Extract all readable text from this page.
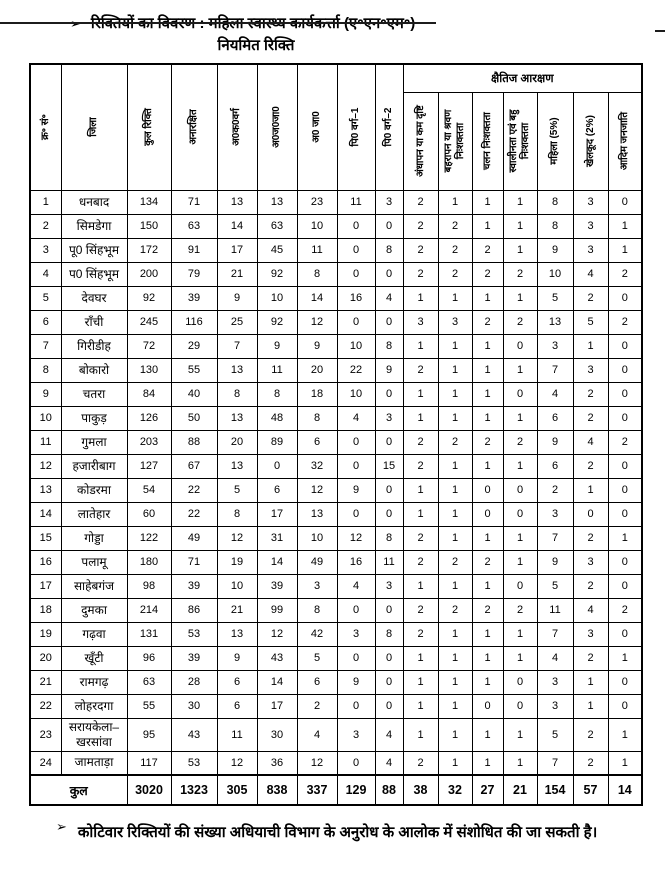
नियमित रिक्ति
क्र॰ सं॰	जिला	कुल रिक्ति	अनारक्षित	अ0क0वर्ग	अ0ज0जा0	अ0 जा0	पि0 वर्ग–1	पि0 वर्ग–2	क्षैतिज आरक्षण						

									अंधापन या कम दृष्टि	बहरापन या श्रवण निःशक्तता	चलन निःशक्तता	स्वालीनता एवं बहु निःशक्तता	महिला (5%)	खेलकूद (2%)	आदिम जनजाति

1	धनबाद	134	71	13	13	23	11	3	2	1	1	1	8	3	0
2	सिमडेगा	150	63	14	63	10	0	0	2	2	1	1	8	3	1
3	पू0 सिंहभूम	172	91	17	45	11	0	8	2	2	2	1	9	3	1
4	प0 सिंहभूम	200	79	21	92	8	0	0	2	2	2	2	10	4	2
5	देवघर	92	39	9	10	14	16	4	1	1	1	1	5	2	0
6	राँची	245	116	25	92	12	0	0	3	3	2	2	13	5	2
7	गिरीडीह	72	29	7	9	9	10	8	1	1	1	0	3	1	0
8	बोकारो	130	55	13	11	20	22	9	2	1	1	1	7	3	0
9	चतरा	84	40	8	8	18	10	0	1	1	1	0	4	2	0
10	पाकुड़	126	50	13	48	8	4	3	1	1	1	1	6	2	0
11	गुमला	203	88	20	89	6	0	0	2	2	2	2	9	4	2
12	हजारीबाग	127	67	13	0	32	0	15	2	1	1	1	6	2	0
13	कोडरमा	54	22	5	6	12	9	0	1	1	0	0	2	1	0
14	लातेहार	60	22	8	17	13	0	0	1	1	0	0	3	0	0
15	गोड्डा	122	49	12	31	10	12	8	2	1	1	1	7	2	1
16	पलामू	180	71	19	14	49	16	11	2	2	2	1	9	3	0
17	साहेबगंज	98	39	10	39	3	4	3	1	1	1	0	5	2	0
18	दुमका	214	86	21	99	8	0	0	2	2	2	2	11	4	2
19	गढ़वा	131	53	13	12	42	3	8	2	1	1	1	7	3	0
20	खूँटी	96	39	9	43	5	0	0	1	1	1	1	4	2	1
21	रामगढ़	63	28	6	14	6	9	0	1	1	1	0	3	1	0
22	लोहरदगा	55	30	6	17	2	0	0	1	1	0	0	3	1	0
23	सरायकेला–खरसांवा	95	43	11	30	4	3	4	1	1	1	1	5	2	1
24	जामताड़ा	117	53	12	36	12	0	4	2	1	1	1	7	2	1
कुल		3020	1323	305	838	337	129	88	38	32	27	21	154	57	14
➢ कोटिवार रिक्तियों की संख्या अधियाची विभाग के अनुरोध के आलोक में संशोधित की जा सकती है।
